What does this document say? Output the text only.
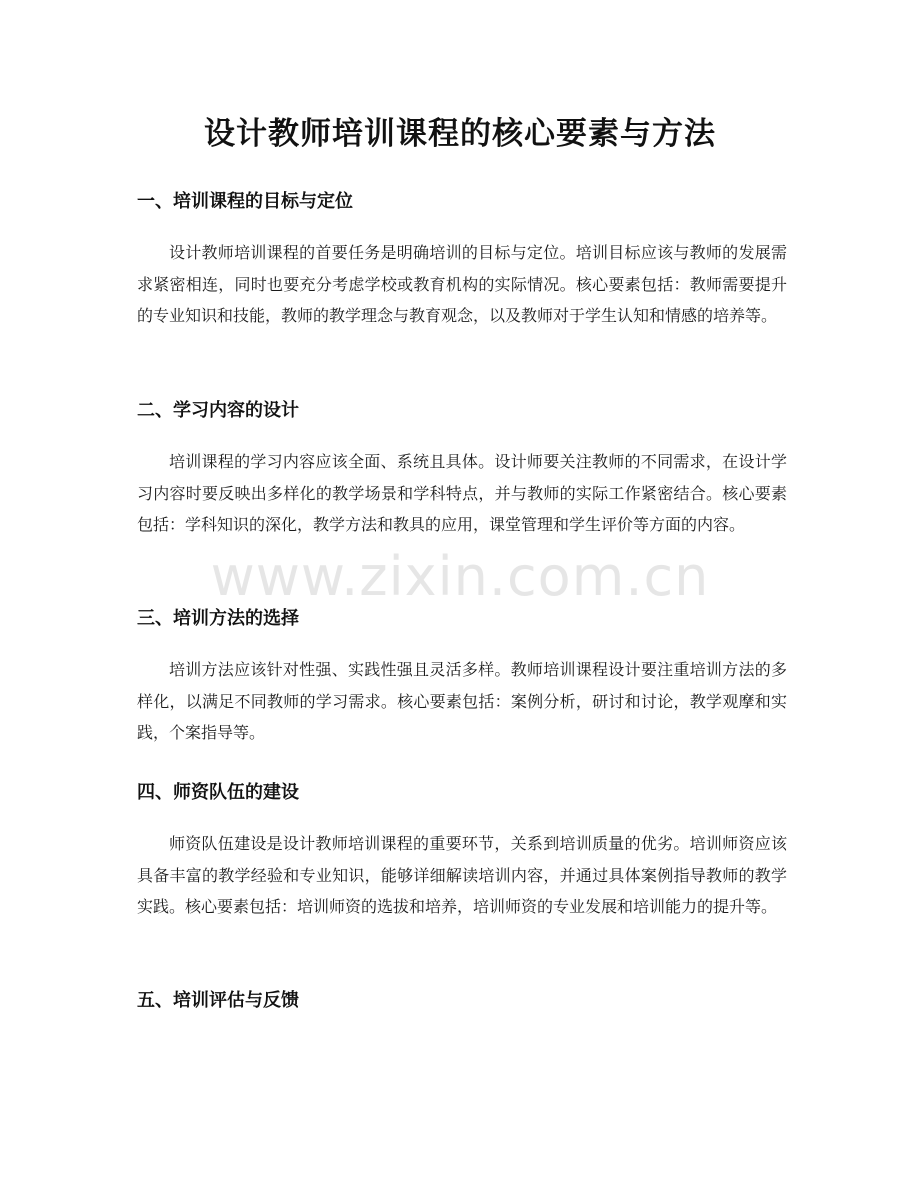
设计教师培训课程的核心要素与方法
一、培训课程的目标与定位

设计教师培训课程的首要任务是明确培训的目标与定位。培训目标应该与教师的发展需求紧密相连，同时也要充分考虑学校或教育机构的实际情况。核心要素包括：教师需要提升的专业知识和技能，教师的教学理念与教育观念，以及教师对于学生认知和情感的培养等。

二、学习内容的设计

培训课程的学习内容应该全面、系统且具体。设计师要关注教师的不同需求，在设计学习内容时要反映出多样化的教学场景和学科特点，并与教师的实际工作紧密结合。核心要素包括：学科知识的深化，教学方法和教具的应用，课堂管理和学生评价等方面的内容。

三、培训方法的选择

培训方法应该针对性强、实践性强且灵活多样。教师培训课程设计要注重培训方法的多样化，以满足不同教师的学习需求。核心要素包括：案例分析，研讨和讨论，教学观摩和实践，个案指导等。

四、师资队伍的建设

师资队伍建设是设计教师培训课程的重要环节，关系到培训质量的优劣。培训师资应该具备丰富的教学经验和专业知识，能够详细解读培训内容，并通过具体案例指导教师的教学实践。核心要素包括：培训师资的选拔和培养，培训师资的专业发展和培训能力的提升等。

五、培训评估与反馈
www.zixin.com.cn
